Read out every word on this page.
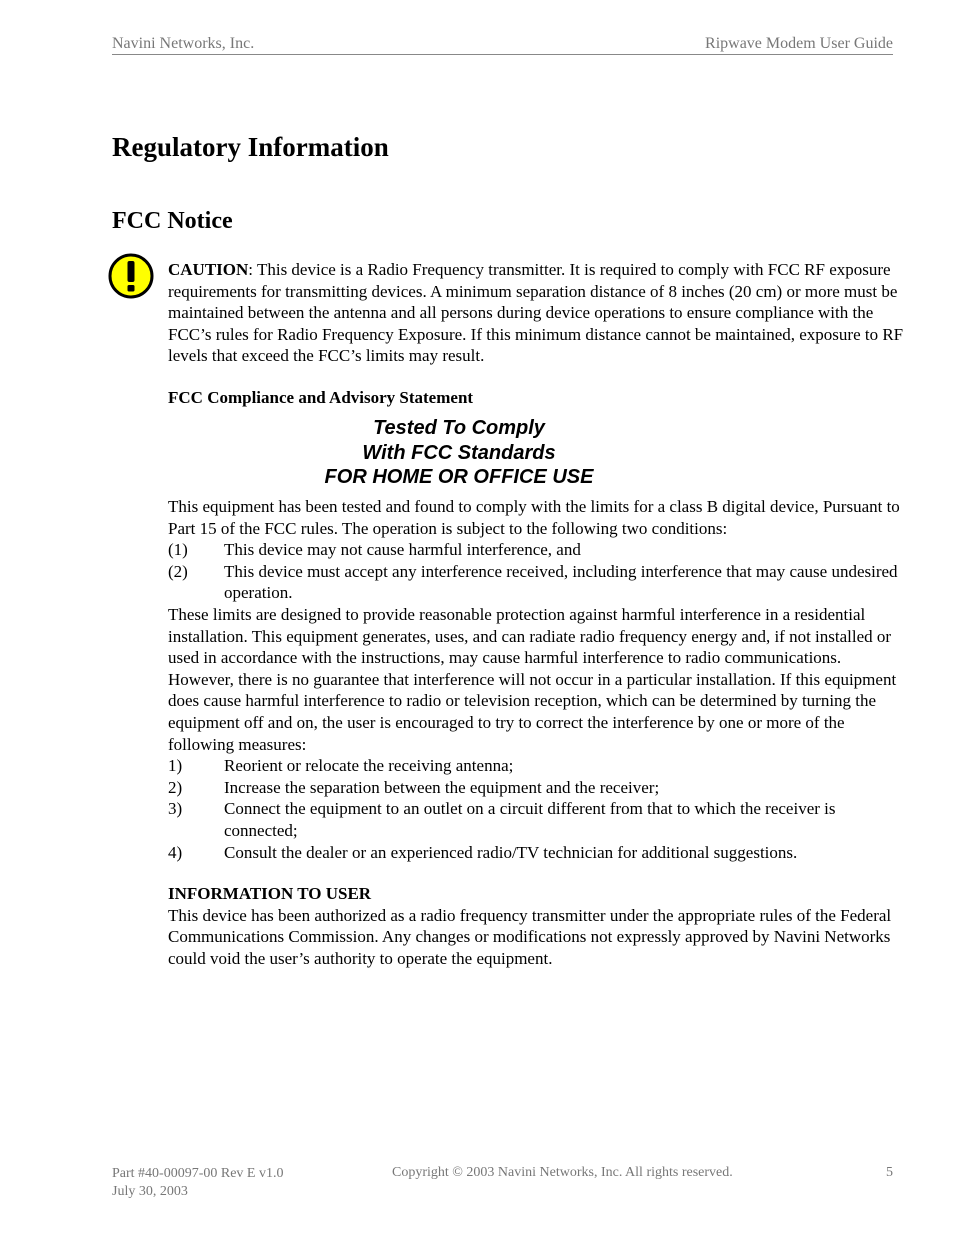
Navini Networks, Inc.	Ripwave Modem User Guide
Regulatory Information
FCC Notice

CAUTION: This device is a Radio Frequency transmitter. It is required to comply with FCC RF exposure requirements for transmitting devices. A minimum separation distance of 8 inches (20 cm) or more must be maintained between the antenna and all persons during device operations to ensure compliance with the FCC’s rules for Radio Frequency Exposure. If this minimum distance cannot be maintained, exposure to RF levels that exceed the FCC’s limits may result.

FCC Compliance and Advisory Statement
Tested To Comply
With FCC Standards
FOR HOME OR OFFICE USE

This equipment has been tested and found to comply with the limits for a class B digital device, Pursuant to Part 15 of the FCC rules. The operation is subject to the following two conditions:

(1)	This device may not cause harmful interference, and
(2)	This device must accept any interference received, including interference that may cause undesired operation.

These limits are designed to provide reasonable protection against harmful interference in a residential installation. This equipment generates, uses, and can radiate radio frequency energy and, if not installed or used in accordance with the instructions, may cause harmful interference to radio communications. However, there is no guarantee that interference will not occur in a particular installation. If this equipment does cause harmful interference to radio or television reception, which can be determined by turning the equipment off and on, the user is encouraged to try to correct the interference by one or more of the following measures:

1)	Reorient or relocate the receiving antenna;
2)	Increase the separation between the equipment and the receiver;
3)	Connect the equipment to an outlet on a circuit different from that to which the receiver is connected;
4)	Consult the dealer or an experienced radio/TV technician for additional suggestions.
INFORMATION TO USER

This device has been authorized as a radio frequency transmitter under the appropriate rules of the Federal Communications Commission. Any changes or modifications not expressly approved by Navini Networks could void the user’s authority to operate the equipment.

Part #40-00097-00 Rev E v1.0
July 30, 2003
Copyright © 2003 Navini Networks, Inc. All rights reserved.	5
